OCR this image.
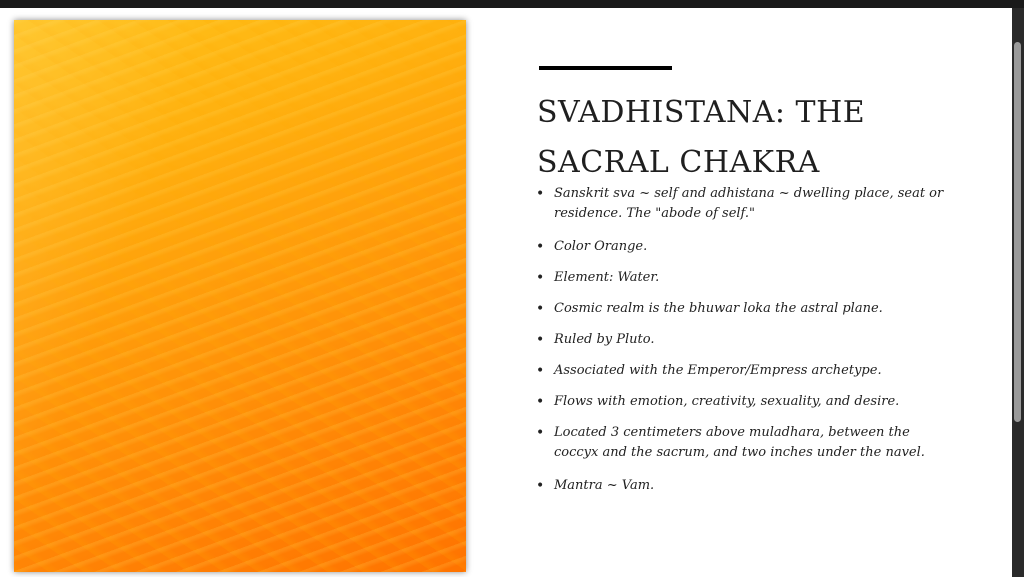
SVADHISTANA: THE
SACRAL CHAKRA
• Sanskrit sva ~ self and adhistana ~ dwelling place, seat or residence. The "abode of self."
• Color Orange.
• Element: Water.
• Cosmic realm is the bhuwar loka the astral plane.
• Ruled by Pluto.
• Associated with the Emperor/Empress archetype.
• Flows with emotion, creativity, sexuality, and desire.
• Located 3 centimeters above muladhara, between the coccyx and the sacrum, and two inches under the navel.
• Mantra ~ Vam.
